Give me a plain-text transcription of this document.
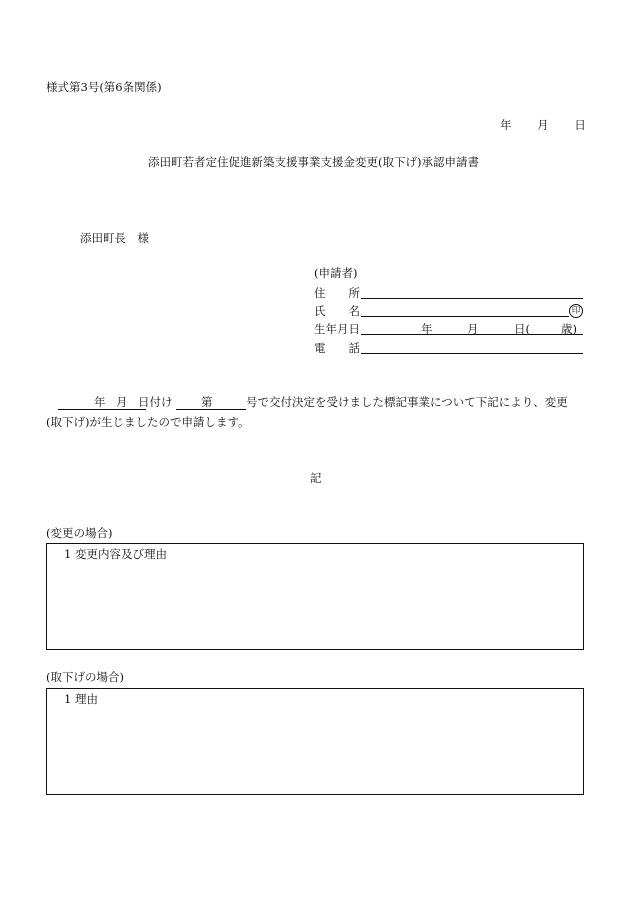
様式第3号(第6条関係)
年 月 日
添田町若者定住促進新築支援事業支援金変更(取下げ)承認申請書
添田町長　様
(申請者)
住　　所
氏　　名	印
生年月日	年	月	日(	歳)
電　　話
年 月 日付け
第	号で交付決定を受けました標記事業について下記により、変更
(取下げ)が生じましたので申請します。
記
(変更の場合)
1 変更内容及び理由
(取下げの場合)
1 理由
